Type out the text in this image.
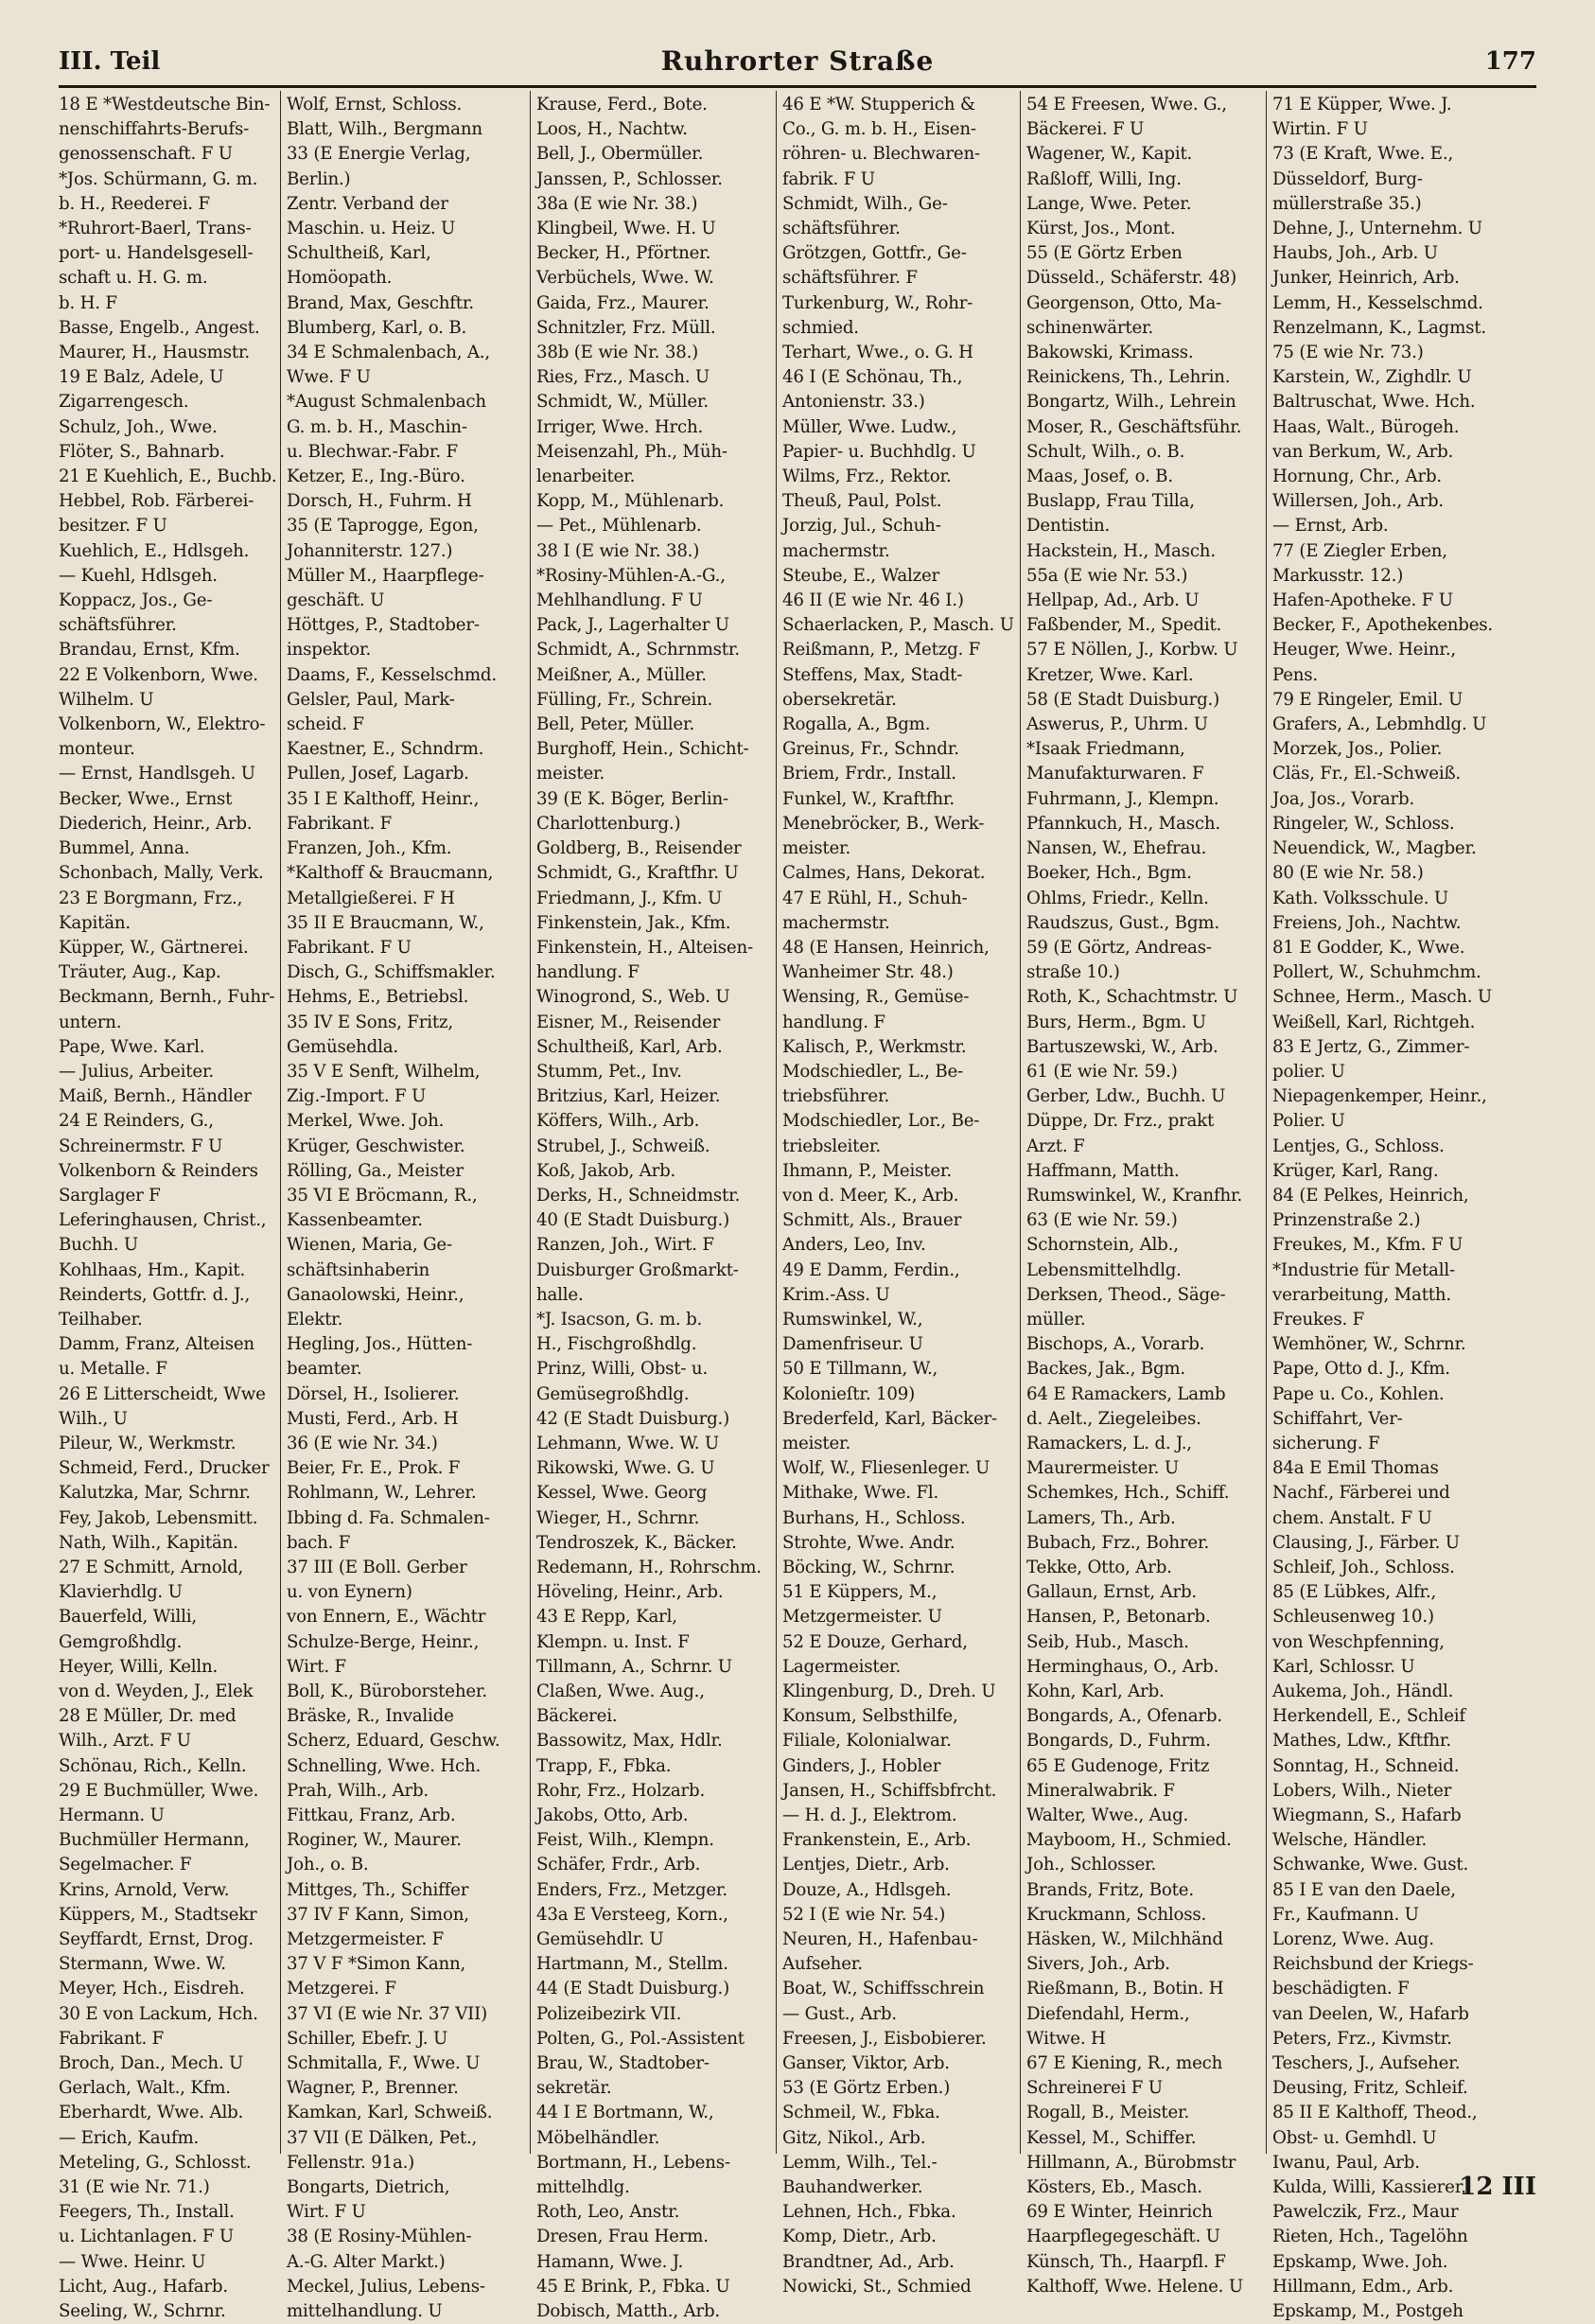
III. Teil	Ruhrorter Straße	177
18 E *Westdeutsche Bin-
nenschiffahrts-Berufs-
genossenschaft. F U
*Jos. Schürmann, G. m.
b. H., Reederei. F
*Ruhrort-Baerl, Trans-
port- u. Handelsgesell-
schaft u. H. G. m.
b. H. F
Basse, Engelb., Angest.
Maurer, H., Hausmstr.
19 E Balz, Adele, U
Zigarrengesch.
Schulz, Joh., Wwe.
Flöter, S., Bahnarb.
21 E Kuehlich, E., Buchb.
Hebbel, Rob. Färberei-
besitzer. F U
Kuehlich, E., Hdlsgeh.
— Kuehl, Hdlsgeh.
Koppacz, Jos., Ge-
schäftsführer.
Brandau, Ernst, Kfm.
22 E Volkenborn, Wwe.
Wilhelm. U
Volkenborn, W., Elektro-
monteur.
— Ernst, Handlsgeh. U
Becker, Wwe., Ernst
Diederich, Heinr., Arb.
Bummel, Anna.
Schonbach, Mally, Verk.
23 E Borgmann, Frz.,
Kapitän.
Küpper, W., Gärtnerei.
Träuter, Aug., Kap.
Beckmann, Bernh., Fuhr-
untern.
Pape, Wwe. Karl.
— Julius, Arbeiter.
Maiß, Bernh., Händler
24 E Reinders, G.,
Schreinermstr. F U
Volkenborn & Reinders
Sarglager F
Leferinghausen, Christ.,
Buchh. U
Kohlhaas, Hm., Kapit.
Reinderts, Gottfr. d. J.,
Teilhaber.
Damm, Franz, Alteisen
u. Metalle. F
26 E Litterscheidt, Wwe
Wilh., U
Pileur, W., Werkmstr.
Schmeid, Ferd., Drucker
Kalutzka, Mar, Schrnr.
Fey, Jakob, Lebensmitt.
Nath, Wilh., Kapitän.
27 E Schmitt, Arnold,
Klavierhdlg. U
Bauerfeld, Willi,
Gemgroßhdlg.
Heyer, Willi, Kelln.
von d. Weyden, J., Elek
28 E Müller, Dr. med
Wilh., Arzt. F U
Schönau, Rich., Kelln.
29 E Buchmüller, Wwe.
Hermann. U
Buchmüller Hermann,
Segelmacher. F
Krins, Arnold, Verw.
Küppers, M., Stadtsekr
Seyffardt, Ernst, Drog.
Stermann, Wwe. W.
Meyer, Hch., Eisdreh.
30 E von Lackum, Hch.
Fabrikant. F
Broch, Dan., Mech. U
Gerlach, Walt., Kfm.
Eberhardt, Wwe. Alb.
— Erich, Kaufm.
Meteling, G., Schlosst.
31 (E wie Nr. 71.)
Feegers, Th., Install.
u. Lichtanlagen. F U
— Wwe. Heinr. U
Licht, Aug., Hafarb.
Seeling, W., Schrnr.
Wolf, Ernst, Schloss.
Blatt, Wilh., Bergmann
33 (E Energie Verlag,
Berlin.)
Zentr. Verband der
Maschin. u. Heiz. U
Schultheiß, Karl,
Homöopath.
Brand, Max, Geschftr.
Blumberg, Karl, o. B.
34 E Schmalenbach, A.,
Wwe. F U
*August Schmalenbach
G. m. b. H., Maschin-
u. Blechwar.-Fabr. F
Ketzer, E., Ing.-Büro.
Dorsch, H., Fuhrm. H
35 (E Taprogge, Egon,
Johanniterstr. 127.)
Müller M., Haarpflege-
geschäft. U
Höttges, P., Stadtober-
inspektor.
Daams, F., Kesselschmd.
Gelsler, Paul, Mark-
scheid. F
Kaestner, E., Schndrm.
Pullen, Josef, Lagarb.
35 I E Kalthoff, Heinr.,
Fabrikant. F
Franzen, Joh., Kfm.
*Kalthoff & Braucmann,
Metallgießerei. F H
35 II E Braucmann, W.,
Fabrikant. F U
Disch, G., Schiffsmakler.
Hehms, E., Betriebsl.
35 IV E Sons, Fritz,
Gemüsehdla.
35 V E Senft, Wilhelm,
Zig.-Import. F U
Merkel, Wwe. Joh.
Krüger, Geschwister.
Rölling, Ga., Meister
35 VI E Bröcmann, R.,
Kassenbeamter.
Wienen, Maria, Ge-
schäftsinhaberin
Ganaolowski, Heinr.,
Elektr.
Hegling, Jos., Hütten-
beamter.
Dörsel, H., Isolierer.
Musti, Ferd., Arb. H
36 (E wie Nr. 34.)
Beier, Fr. E., Prok. F
Rohlmann, W., Lehrer.
Ibbing d. Fa. Schmalen-
bach. F
37 III (E Boll. Gerber
u. von Eynern)
von Ennern, E., Wächtr
Schulze-Berge, Heinr.,
Wirt. F
Boll, K., Büroborsteher.
Bräske, R., Invalide
Scherz, Eduard, Geschw.
Schnelling, Wwe. Hch.
Prah, Wilh., Arb.
Fittkau, Franz, Arb.
Roginer, W., Maurer.
Joh., o. B.
Mittges, Th., Schiffer
37 IV F Kann, Simon,
Metzgermeister. F
37 V F *Simon Kann,
Metzgerei. F
37 VI (E wie Nr. 37 VII)
Schiller, Ebefr. J. U
Schmitalla, F., Wwe. U
Wagner, P., Brenner.
Kamkan, Karl, Schweiß.
37 VII (E Dälken, Pet.,
Fellenstr. 91a.)
Bongarts, Dietrich,
Wirt. F U
38 (E Rosiny-Mühlen-
A.-G. Alter Markt.)
Meckel, Julius, Lebens-
mittelhandlung. U
Krause, Ferd., Bote.
Loos, H., Nachtw.
Bell, J., Obermüller.
Janssen, P., Schlosser.
38a (E wie Nr. 38.)
Klingbeil, Wwe. H. U
Becker, H., Pförtner.
Verbüchels, Wwe. W.
Gaida, Frz., Maurer.
Schnitzler, Frz. Müll.
38b (E wie Nr. 38.)
Ries, Frz., Masch. U
Schmidt, W., Müller.
Irriger, Wwe. Hrch.
Meisenzahl, Ph., Müh-
lenarbeiter.
Kopp, M., Mühlenarb.
— Pet., Mühlenarb.
38 I (E wie Nr. 38.)
*Rosiny-Mühlen-A.-G.,
Mehlhandlung. F U
Pack, J., Lagerhalter U
Schmidt, A., Schrnmstr.
Meißner, A., Müller.
Fülling, Fr., Schrein.
Bell, Peter, Müller.
Burghoff, Hein., Schicht-
meister.
39 (E K. Böger, Berlin-
Charlottenburg.)
Goldberg, B., Reisender
Schmidt, G., Kraftfhr. U
Friedmann, J., Kfm. U
Finkenstein, Jak., Kfm.
Finkenstein, H., Alteisen-
handlung. F
Winogrond, S., Web. U
Eisner, M., Reisender
Schultheiß, Karl, Arb.
Stumm, Pet., Inv.
Britzius, Karl, Heizer.
Köffers, Wilh., Arb.
Strubel, J., Schweiß.
Koß, Jakob, Arb.
Derks, H., Schneidmstr.
40 (E Stadt Duisburg.)
Ranzen, Joh., Wirt. F
Duisburger Großmarkt-
halle.
*J. Isacson, G. m. b.
H., Fischgroßhdlg.
Prinz, Willi, Obst- u.
Gemüsegroßhdlg.
42 (E Stadt Duisburg.)
Lehmann, Wwe. W. U
Rikowski, Wwe. G. U
Kessel, Wwe. Georg
Wieger, H., Schrnr.
Tendroszek, K., Bäcker.
Redemann, H., Rohrschm.
Höveling, Heinr., Arb.
43 E Repp, Karl,
Klempn. u. Inst. F
Tillmann, A., Schrnr. U
Claßen, Wwe. Aug.,
Bäckerei.
Bassowitz, Max, Hdlr.
Trapp, F., Fbka.
Rohr, Frz., Holzarb.
Jakobs, Otto, Arb.
Feist, Wilh., Klempn.
Schäfer, Frdr., Arb.
Enders, Frz., Metzger.
43a E Versteeg, Korn.,
Gemüsehdlr. U
Hartmann, M., Stellm.
44 (E Stadt Duisburg.)
Polizeibezirk VII.
Polten, G., Pol.-Assistent
Brau, W., Stadtober-
sekretär.
44 I E Bortmann, W.,
Möbelhändler.
Bortmann, H., Lebens-
mittelhdlg.
Roth, Leo, Anstr.
Dresen, Frau Herm.
Hamann, Wwe. J.
45 E Brink, P., Fbka. U
Dobisch, Matth., Arb.
46 E *W. Stupperich &
Co., G. m. b. H., Eisen-
röhren- u. Blechwaren-
fabrik. F U
Schmidt, Wilh., Ge-
schäftsführer.
Grötzgen, Gottfr., Ge-
schäftsführer. F
Turkenburg, W., Rohr-
schmied.
Terhart, Wwe., o. G. H
46 I (E Schönau, Th.,
Antonienstr. 33.)
Müller, Wwe. Ludw.,
Papier- u. Buchhdlg. U
Wilms, Frz., Rektor.
Theuß, Paul, Polst.
Jorzig, Jul., Schuh-
machermstr.
Steube, E., Walzer
46 II (E wie Nr. 46 I.)
Schaerlacken, P., Masch. U
Reißmann, P., Metzg. F
Steffens, Max, Stadt-
obersekretär.
Rogalla, A., Bgm.
Greinus, Fr., Schndr.
Briem, Frdr., Install.
Funkel, W., Kraftfhr.
Menebröcker, B., Werk-
meister.
Calmes, Hans, Dekorat.
47 E Rühl, H., Schuh-
machermstr.
48 (E Hansen, Heinrich,
Wanheimer Str. 48.)
Wensing, R., Gemüse-
handlung. F
Kalisch, P., Werkmstr.
Modschiedler, L., Be-
triebsführer.
Modschiedler, Lor., Be-
triebsleiter.
Ihmann, P., Meister.
von d. Meer, K., Arb.
Schmitt, Als., Brauer
Anders, Leo, Inv.
49 E Damm, Ferdin.,
Krim.-Ass. U
Rumswinkel, W.,
Damenfriseur. U
50 E Tillmann, W.,
Kolonieſtr. 109)
Brederfeld, Karl, Bäcker-
meister.
Wolf, W., Fliesenleger. U
Mithake, Wwe. Fl.
Burhans, H., Schloss.
Strohte, Wwe. Andr.
Böcking, W., Schrnr.
51 E Küppers, M.,
Metzgermeister. U
52 E Douze, Gerhard,
Lagermeister.
Klingenburg, D., Dreh. U
Konsum, Selbsthilfe,
Filiale, Kolonialwar.
Ginders, J., Hobler
Jansen, H., Schiffsbfrcht.
— H. d. J., Elektrom.
Frankenstein, E., Arb.
Lentjes, Dietr., Arb.
Douze, A., Hdlsgeh.
52 I (E wie Nr. 54.)
Neuren, H., Hafenbau-
Aufseher.
Boat, W., Schiffsschrein
— Gust., Arb.
Freesen, J., Eisbobierer.
Ganser, Viktor, Arb.
53 (E Görtz Erben.)
Schmeil, W., Fbka.
Gitz, Nikol., Arb.
Lemm, Wilh., Tel.-
Bauhandwerker.
Lehnen, Hch., Fbka.
Komp, Dietr., Arb.
Brandtner, Ad., Arb.
Nowicki, St., Schmied
54 E Freesen, Wwe. G.,
Bäckerei. F U
Wagener, W., Kapit.
Raßloff, Willi, Ing.
Lange, Wwe. Peter.
Kürst, Jos., Mont.
55 (E Görtz Erben
Düsseld., Schäferstr. 48)
Georgenson, Otto, Ma-
schinenwärter.
Bakowski, Krimass.
Reinickens, Th., Lehrin.
Bongartz, Wilh., Lehrein
Moser, R., Geschäftsführ.
Schult, Wilh., o. B.
Maas, Josef, o. B.
Buslapp, Frau Tilla,
Dentistin.
Hackstein, H., Masch.
55a (E wie Nr. 53.)
Hellpap, Ad., Arb. U
Faßbender, M., Spedit.
57 E Nöllen, J., Korbw. U
Kretzer, Wwe. Karl.
58 (E Stadt Duisburg.)
Aswerus, P., Uhrm. U
*Isaak Friedmann,
Manufakturwaren. F
Fuhrmann, J., Klempn.
Pfannkuch, H., Masch.
Nansen, W., Ehefrau.
Boeker, Hch., Bgm.
Ohlms, Friedr., Kelln.
Raudszus, Gust., Bgm.
59 (E Görtz, Andreas-
straße 10.)
Roth, K., Schachtmstr. U
Burs, Herm., Bgm. U
Bartuszewski, W., Arb.
61 (E wie Nr. 59.)
Gerber, Ldw., Buchh. U
Düppe, Dr. Frz., prakt
Arzt. F
Haffmann, Matth.
Rumswinkel, W., Kranfhr.
63 (E wie Nr. 59.)
Schornstein, Alb.,
Lebensmittelhdlg.
Derksen, Theod., Säge-
müller.
Bischops, A., Vorarb.
Backes, Jak., Bgm.
64 E Ramackers, Lamb
d. Aelt., Ziegeleibes.
Ramackers, L. d. J.,
Maurermeister. U
Schemkes, Hch., Schiff.
Lamers, Th., Arb.
Bubach, Frz., Bohrer.
Tekke, Otto, Arb.
Gallaun, Ernst, Arb.
Hansen, P., Betonarb.
Seib, Hub., Masch.
Herminghaus, O., Arb.
Kohn, Karl, Arb.
Bongards, A., Ofenarb.
Bongards, D., Fuhrm.
65 E Gudenoge, Fritz
Mineralwabrik. F
Walter, Wwe., Aug.
Mayboom, H., Schmied.
Joh., Schlosser.
Brands, Fritz, Bote.
Kruckmann, Schloss.
Häsken, W., Milchhänd
Sivers, Joh., Arb.
Rießmann, B., Botin. H
Diefendahl, Herm.,
Witwe. H
67 E Kiening, R., mech
Schreinerei F U
Rogall, B., Meister.
Kessel, M., Schiffer.
Hillmann, A., Bürobmstr
Kösters, Eb., Masch.
69 E Winter, Heinrich
Haarpflegegeschäft. U
Künsch, Th., Haarpfl. F
Kalthoff, Wwe. Helene. U
71 E Küpper, Wwe. J.
Wirtin. F U
73 (E Kraft, Wwe. E.,
Düsseldorf, Burg-
müllerstraße 35.)
Dehne, J., Unternehm. U
Haubs, Joh., Arb. U
Junker, Heinrich, Arb.
Lemm, H., Kesselschmd.
Renzelmann, K., Lagmst.
75 (E wie Nr. 73.)
Karstein, W., Zighdlr. U
Baltruschat, Wwe. Hch.
Haas, Walt., Bürogeh.
van Berkum, W., Arb.
Hornung, Chr., Arb.
Willersen, Joh., Arb.
— Ernst, Arb.
77 (E Ziegler Erben,
Markusstr. 12.)
Hafen-Apotheke. F U
Becker, F., Apothekenbes.
Heuger, Wwe. Heinr.,
Pens.
79 E Ringeler, Emil. U
Grafers, A., Lebmhdlg. U
Morzek, Jos., Polier.
Cläs, Fr., El.-Schweiß.
Joa, Jos., Vorarb.
Ringeler, W., Schloss.
Neuendick, W., Magber.
80 (E wie Nr. 58.)
Kath. Volksschule. U
Freiens, Joh., Nachtw.
81 E Godder, K., Wwe.
Pollert, W., Schuhmchm.
Schnee, Herm., Masch. U
Weißell, Karl, Richtgeh.
83 E Jertz, G., Zimmer-
polier. U
Niepagenkemper, Heinr.,
Polier. U
Lentjes, G., Schloss.
Krüger, Karl, Rang.
84 (E Pelkes, Heinrich,
Prinzenstraße 2.)
Freukes, M., Kfm. F U
*Industrie für Metall-
verarbeitung, Matth.
Freukes. F
Wemhöner, W., Schrnr.
Pape, Otto d. J., Kfm.
Pape u. Co., Kohlen.
Schiffahrt, Ver-
sicherung. F
84a E Emil Thomas
Nachf., Färberei und
chem. Anstalt. F U
Clausing, J., Färber. U
Schleif, Joh., Schloss.
85 (E Lübkes, Alfr.,
Schleusenweg 10.)
von Weschpfenning,
Karl, Schlossr. U
Aukema, Joh., Händl.
Herkendell, E., Schleif
Mathes, Ldw., Kftfhr.
Sonntag, H., Schneid.
Lobers, Wilh., Nieter
Wiegmann, S., Hafarb
Welsche, Händler.
Schwanke, Wwe. Gust.
85 I E van den Daele,
Fr., Kaufmann. U
Lorenz, Wwe. Aug.
Reichsbund der Kriegs-
beschädigten. F
van Deelen, W., Hafarb
Peters, Frz., Kivmstr.
Teschers, J., Aufseher.
Deusing, Fritz, Schleif.
85 II E Kalthoff, Theod.,
Obst- u. Gemhdl. U
Iwanu, Paul, Arb.
Kulda, Willi, Kassierer.
Pawelczik, Frz., Maur
Rieten, Hch., Tagelöhn
Epskamp, Wwe. Joh.
Hillmann, Edm., Arb.
Epskamp, M., Postgeh
12 III
